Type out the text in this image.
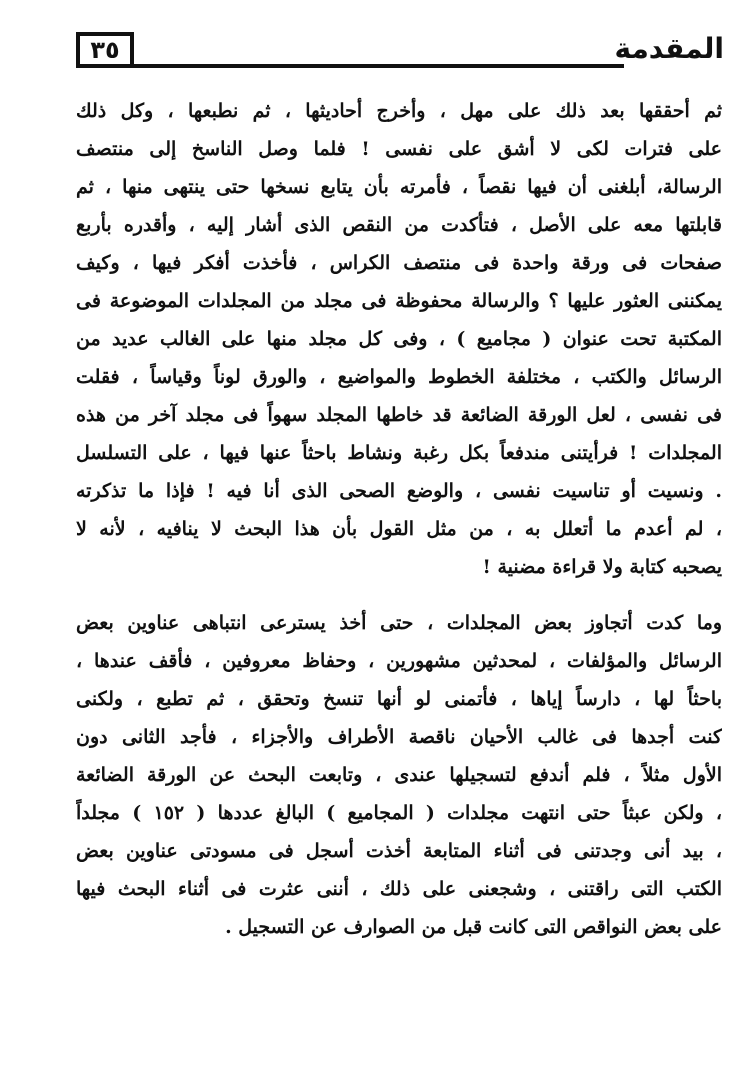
٣٥	المقدمة
ثم أحققها بعد ذلك على مهل ، وأخرج أحاديثها ، ثم نطبعها ، وكل ذلك
على فترات لكى لا أشق على نفسى ! فلما وصل الناسخ إلى منتصف
الرسالة، أبلغنى أن فيها نقصاً ، فأمرته بأن يتابع نسخها حتى ينتهى منها ، ثم
قابلتها معه على الأصل ، فتأكدت من النقص الذى أشار إليه ، وأقدره بأربع
صفحات فى ورقة واحدة فى منتصف الكراس ، فأخذت أفكر فيها ، وكيف
يمكننى العثور عليها ؟ والرسالة محفوظة فى مجلد من المجلدات الموضوعة فى
المكتبة تحت عنوان ( مجاميع ) ، وفى كل مجلد منها على الغالب عديد من
الرسائل والكتب ، مختلفة الخطوط والمواضيع ، والورق لوناً وقياساً ، فقلت
فى نفسى ، لعل الورقة الضائعة قد خاطها المجلد سهواً فى مجلد آخر من هذه
المجلدات ! فرأيتنى مندفعاً بكل رغبة ونشاط باحثاً عنها فيها ، على التسلسل
. ونسيت أو تناسيت نفسى ، والوضع الصحى الذى أنا فيه ! فإذا ما تذكرته
، لم أعدم ما أتعلل به ، من مثل القول بأن هذا البحث لا ينافيه ، لأنه لا
يصحبه كتابة ولا قراءة مضنية !
وما كدت أتجاوز بعض المجلدات ، حتى أخذ يسترعى انتباهى عناوين بعض
الرسائل والمؤلفات ، لمحدثين مشهورين ، وحفاظ معروفين ، فأقف عندها ،
باحثاً لها ، دارساً إياها ، فأتمنى لو أنها تنسخ وتحقق ، ثم تطبع ، ولكنى
كنت أجدها فى غالب الأحيان ناقصة الأطراف والأجزاء ، فأجد الثانى دون
الأول مثلاً ، فلم أندفع لتسجيلها عندى ، وتابعت البحث عن الورقة الضائعة
، ولكن عبثاً حتى انتهت مجلدات ( المجاميع ) البالغ عددها ( ١٥٢ ) مجلداً
، بيد أنى وجدتنى فى أثناء المتابعة أخذت أسجل فى مسودتى عناوين بعض
الكتب التى راقتنى ، وشجعنى على ذلك ، أننى عثرت فى أثناء البحث فيها
على بعض النواقص التى كانت قبل من الصوارف عن التسجيل .
